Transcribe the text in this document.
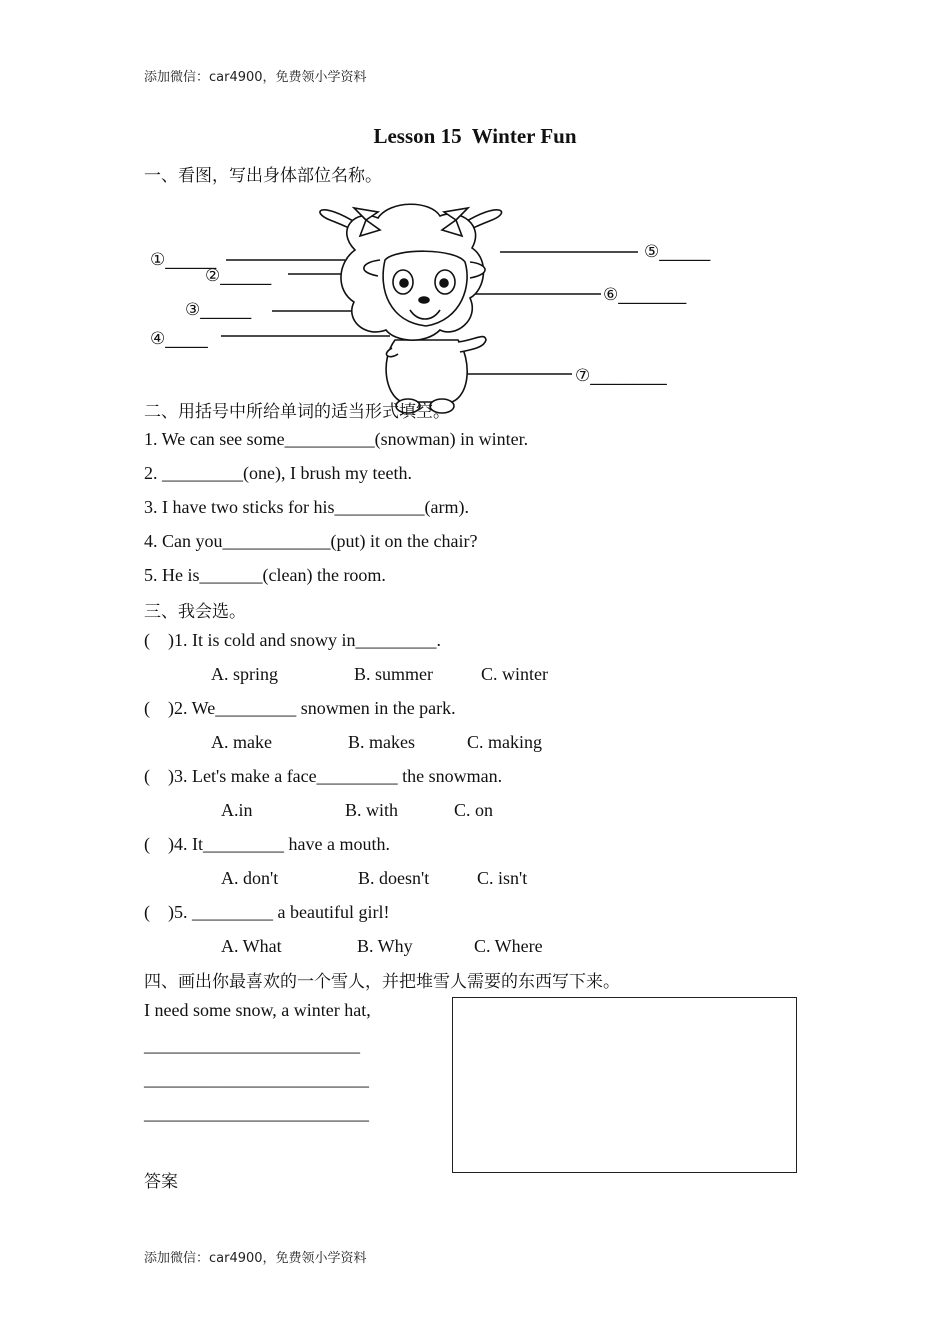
添加微信：car4900，免费领小学资料
Lesson 15  Winter Fun
一、看图，写出身体部位名称。
①______
②______
③______
④_____
⑤______
⑥________
⑦_________
二、用括号中所给单词的适当形式填空。
1. We can see some__________(snowman) in winter.
2. _________(one), I brush my teeth.
3. I have two sticks for his__________(arm).
4. Can you____________(put) it on the chair?
5. He is_______(clean) the room.
三、我会选。
(    )1. It is cold and snowy in_________.
A. spring	B. summer	C. winter
(    )2. We_________ snowmen in the park.
A. make	B. makes	C. making
(    )3. Let's make a face_________ the snowman.
A.in	B. with	C. on
(    )4. It_________ have a mouth.
A. don't	B. doesn't	C. isn't
(    )5. _________ a beautiful girl!
A. What	B. Why	C. Where
四、画出你最喜欢的一个雪人，并把堆雪人需要的东西写下来。
I need some snow, a winter hat,
________________________
_________________________
_________________________
答案
添加微信：car4900，免费领小学资料
